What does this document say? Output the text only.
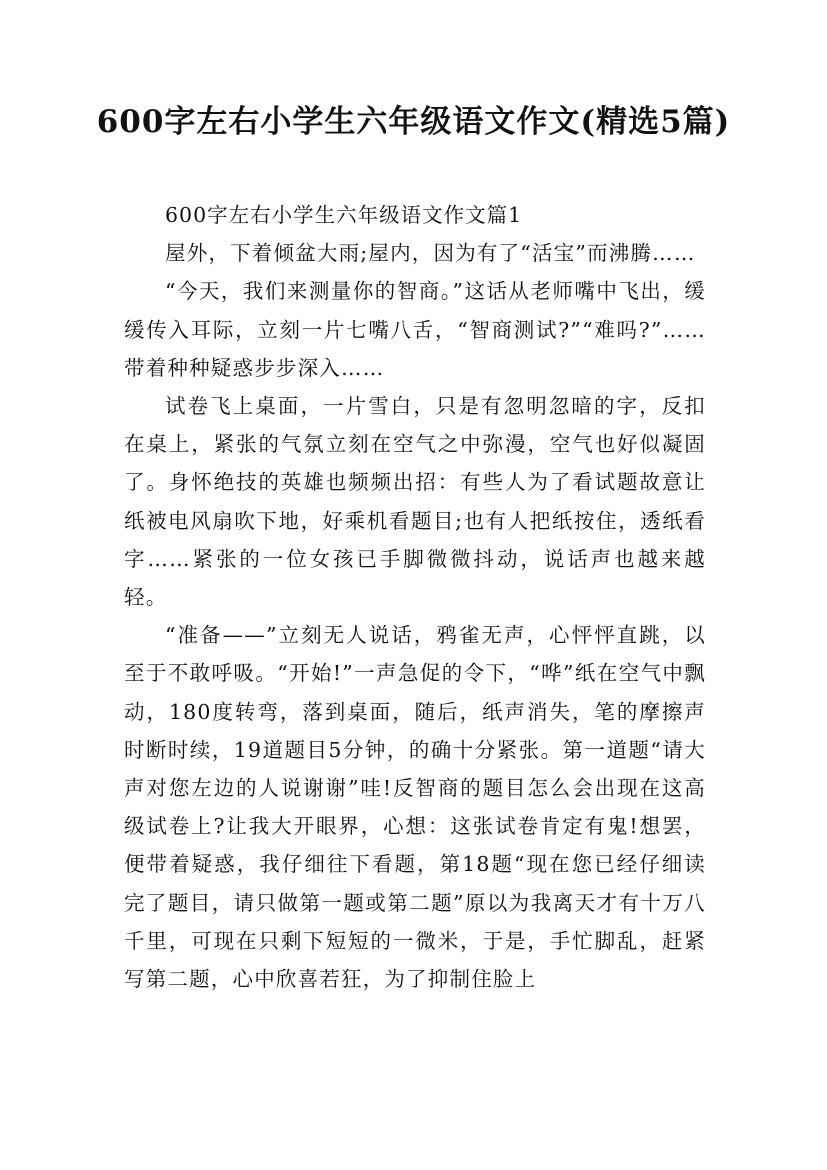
600字左右小学生六年级语文作文(精选5篇)
600字左右小学生六年级语文作文篇1

屋外，下着倾盆大雨;屋内，因为有了“活宝”而沸腾……

“今天，我们来测量你的智商。”这话从老师嘴中飞出，缓缓传入耳际，立刻一片七嘴八舌，“智商测试?”“难吗?”……带着种种疑惑步步深入……

试卷飞上桌面，一片雪白，只是有忽明忽暗的字，反扣在桌上，紧张的气氛立刻在空气之中弥漫，空气也好似凝固了。身怀绝技的英雄也频频出招：有些人为了看试题故意让纸被电风扇吹下地，好乘机看题目;也有人把纸按住，透纸看字……紧张的一位女孩已手脚微微抖动，说话声也越来越轻。

“准备——”立刻无人说话，鸦雀无声，心怦怦直跳，以至于不敢呼吸。“开始!”一声急促的令下，“哗”纸在空气中飘动，180度转弯，落到桌面，随后，纸声消失，笔的摩擦声时断时续，19道题目5分钟，的确十分紧张。第一道题“请大声对您左边的人说谢谢”哇!反智商的题目怎么会出现在这高级试卷上?让我大开眼界，心想：这张试卷肯定有鬼!想罢，便带着疑惑，我仔细往下看题，第18题“现在您已经仔细读完了题目，请只做第一题或第二题”原以为我离天才有十万八千里，可现在只剩下短短的一微米，于是，手忙脚乱，赶紧写第二题，心中欣喜若狂，为了抑制住脸上
